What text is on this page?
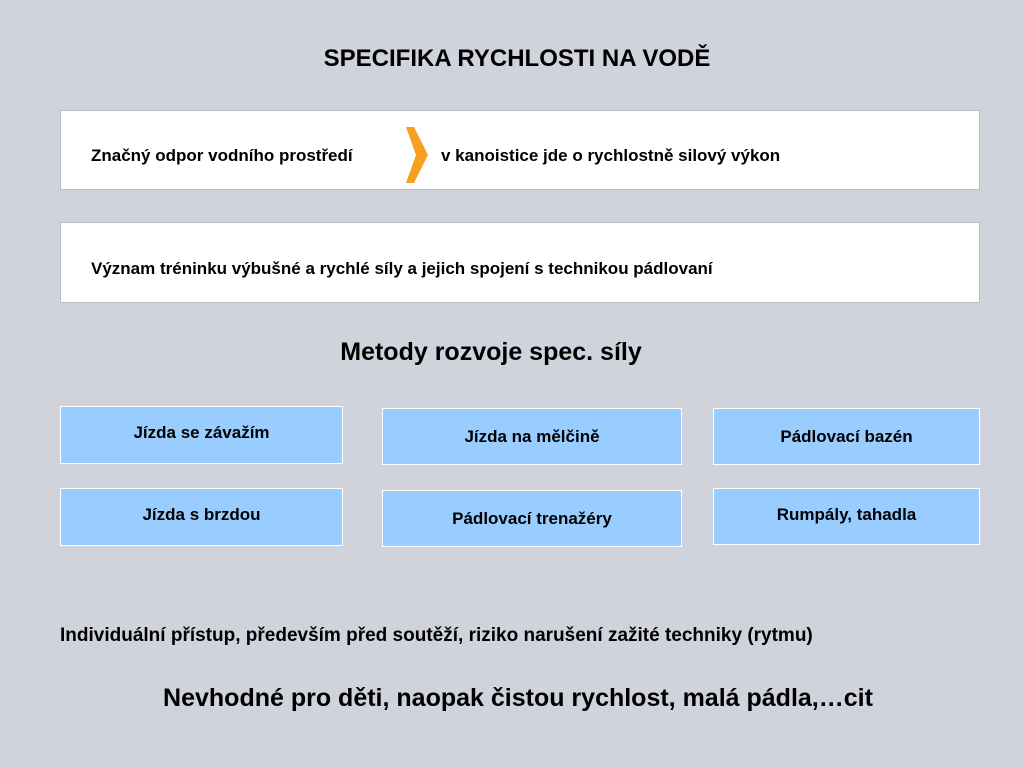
SPECIFIKA RYCHLOSTI NA VODĚ
Značný odpor vodního prostředí	v kanoistice jde o rychlostně silový výkon
Význam tréninku výbušné a rychlé síly a jejich spojení s technikou pádlovaní
Metody rozvoje spec. síly
Jízda se závažím	Jízda na mělčině	Pádlovací bazén
Jízda s brzdou	Pádlovací trenažéry	Rumpály, tahadla
Individuální přístup, především před soutěží, riziko narušení zažité techniky (rytmu)
Nevhodné pro děti, naopak čistou rychlost, malá pádla,…cit
